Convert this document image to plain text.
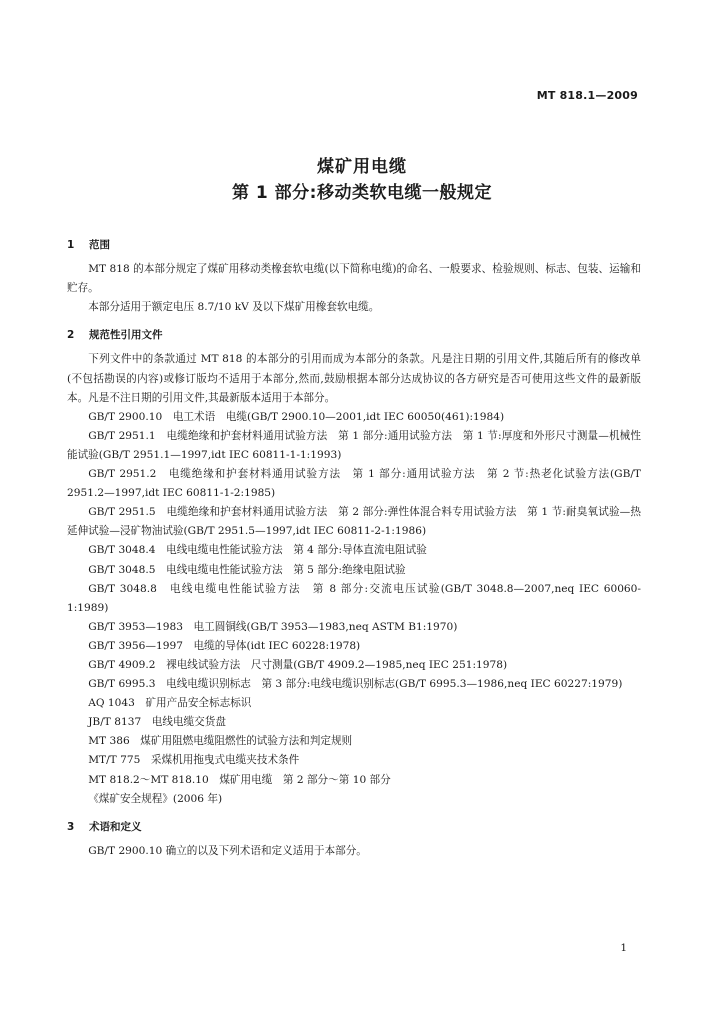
MT 818.1—2009
煤矿用电缆
第 1 部分:移动类软电缆一般规定
1 范围
MT 818 的本部分规定了煤矿用移动类橡套软电缆(以下简称电缆)的命名、一般要求、检验规则、标志、包装、运输和贮存。
本部分适用于额定电压 8.7/10 kV 及以下煤矿用橡套软电缆。
2 规范性引用文件
下列文件中的条款通过 MT 818 的本部分的引用而成为本部分的条款。凡是注日期的引用文件,其随后所有的修改单(不包括勘误的内容)或修订版均不适用于本部分,然而,鼓励根据本部分达成协议的各方研究是否可使用这些文件的最新版本。凡是不注日期的引用文件,其最新版本适用于本部分。
GB/T 2900.10　电工术语　电缆(GB/T 2900.10—2001,idt IEC 60050(461):1984)
GB/T 2951.1　电缆绝缘和护套材料通用试验方法　第 1 部分:通用试验方法　第 1 节:厚度和外形尺寸测量—机械性能试验(GB/T 2951.1—1997,idt IEC 60811-1-1:1993)
GB/T 2951.2　电缆绝缘和护套材料通用试验方法　第 1 部分:通用试验方法　第 2 节:热老化试验方法(GB/T 2951.2—1997,idt IEC 60811-1-2:1985)
GB/T 2951.5　电缆绝缘和护套材料通用试验方法　第 2 部分:弹性体混合料专用试验方法　第 1 节:耐臭氧试验—热延伸试验—浸矿物油试验(GB/T 2951.5—1997,idt IEC 60811-2-1:1986)
GB/T 3048.4　电线电缆电性能试验方法　第 4 部分:导体直流电阻试验
GB/T 3048.5　电线电缆电性能试验方法　第 5 部分:绝缘电阻试验
GB/T 3048.8　电线电缆电性能试验方法　第 8 部分:交流电压试验(GB/T 3048.8—2007,neq IEC 60060-1:1989)
GB/T 3953—1983　电工圆铜线(GB/T 3953—1983,neq ASTM B1:1970)
GB/T 3956—1997　电缆的导体(idt IEC 60228:1978)
GB/T 4909.2　裸电线试验方法　尺寸测量(GB/T 4909.2—1985,neq IEC 251:1978)
GB/T 6995.3　电线电缆识别标志　第 3 部分:电线电缆识别标志(GB/T 6995.3—1986,neq IEC 60227:1979)
AQ 1043　矿用产品安全标志标识
JB/T 8137　电线电缆交货盘
MT 386　煤矿用阻燃电缆阻燃性的试验方法和判定规则
MT/T 775　采煤机用拖曳式电缆夹技术条件
MT 818.2～MT 818.10　煤矿用电缆　第 2 部分～第 10 部分
《煤矿安全规程》(2006 年)
3 术语和定义
GB/T 2900.10 确立的以及下列术语和定义适用于本部分。
1
